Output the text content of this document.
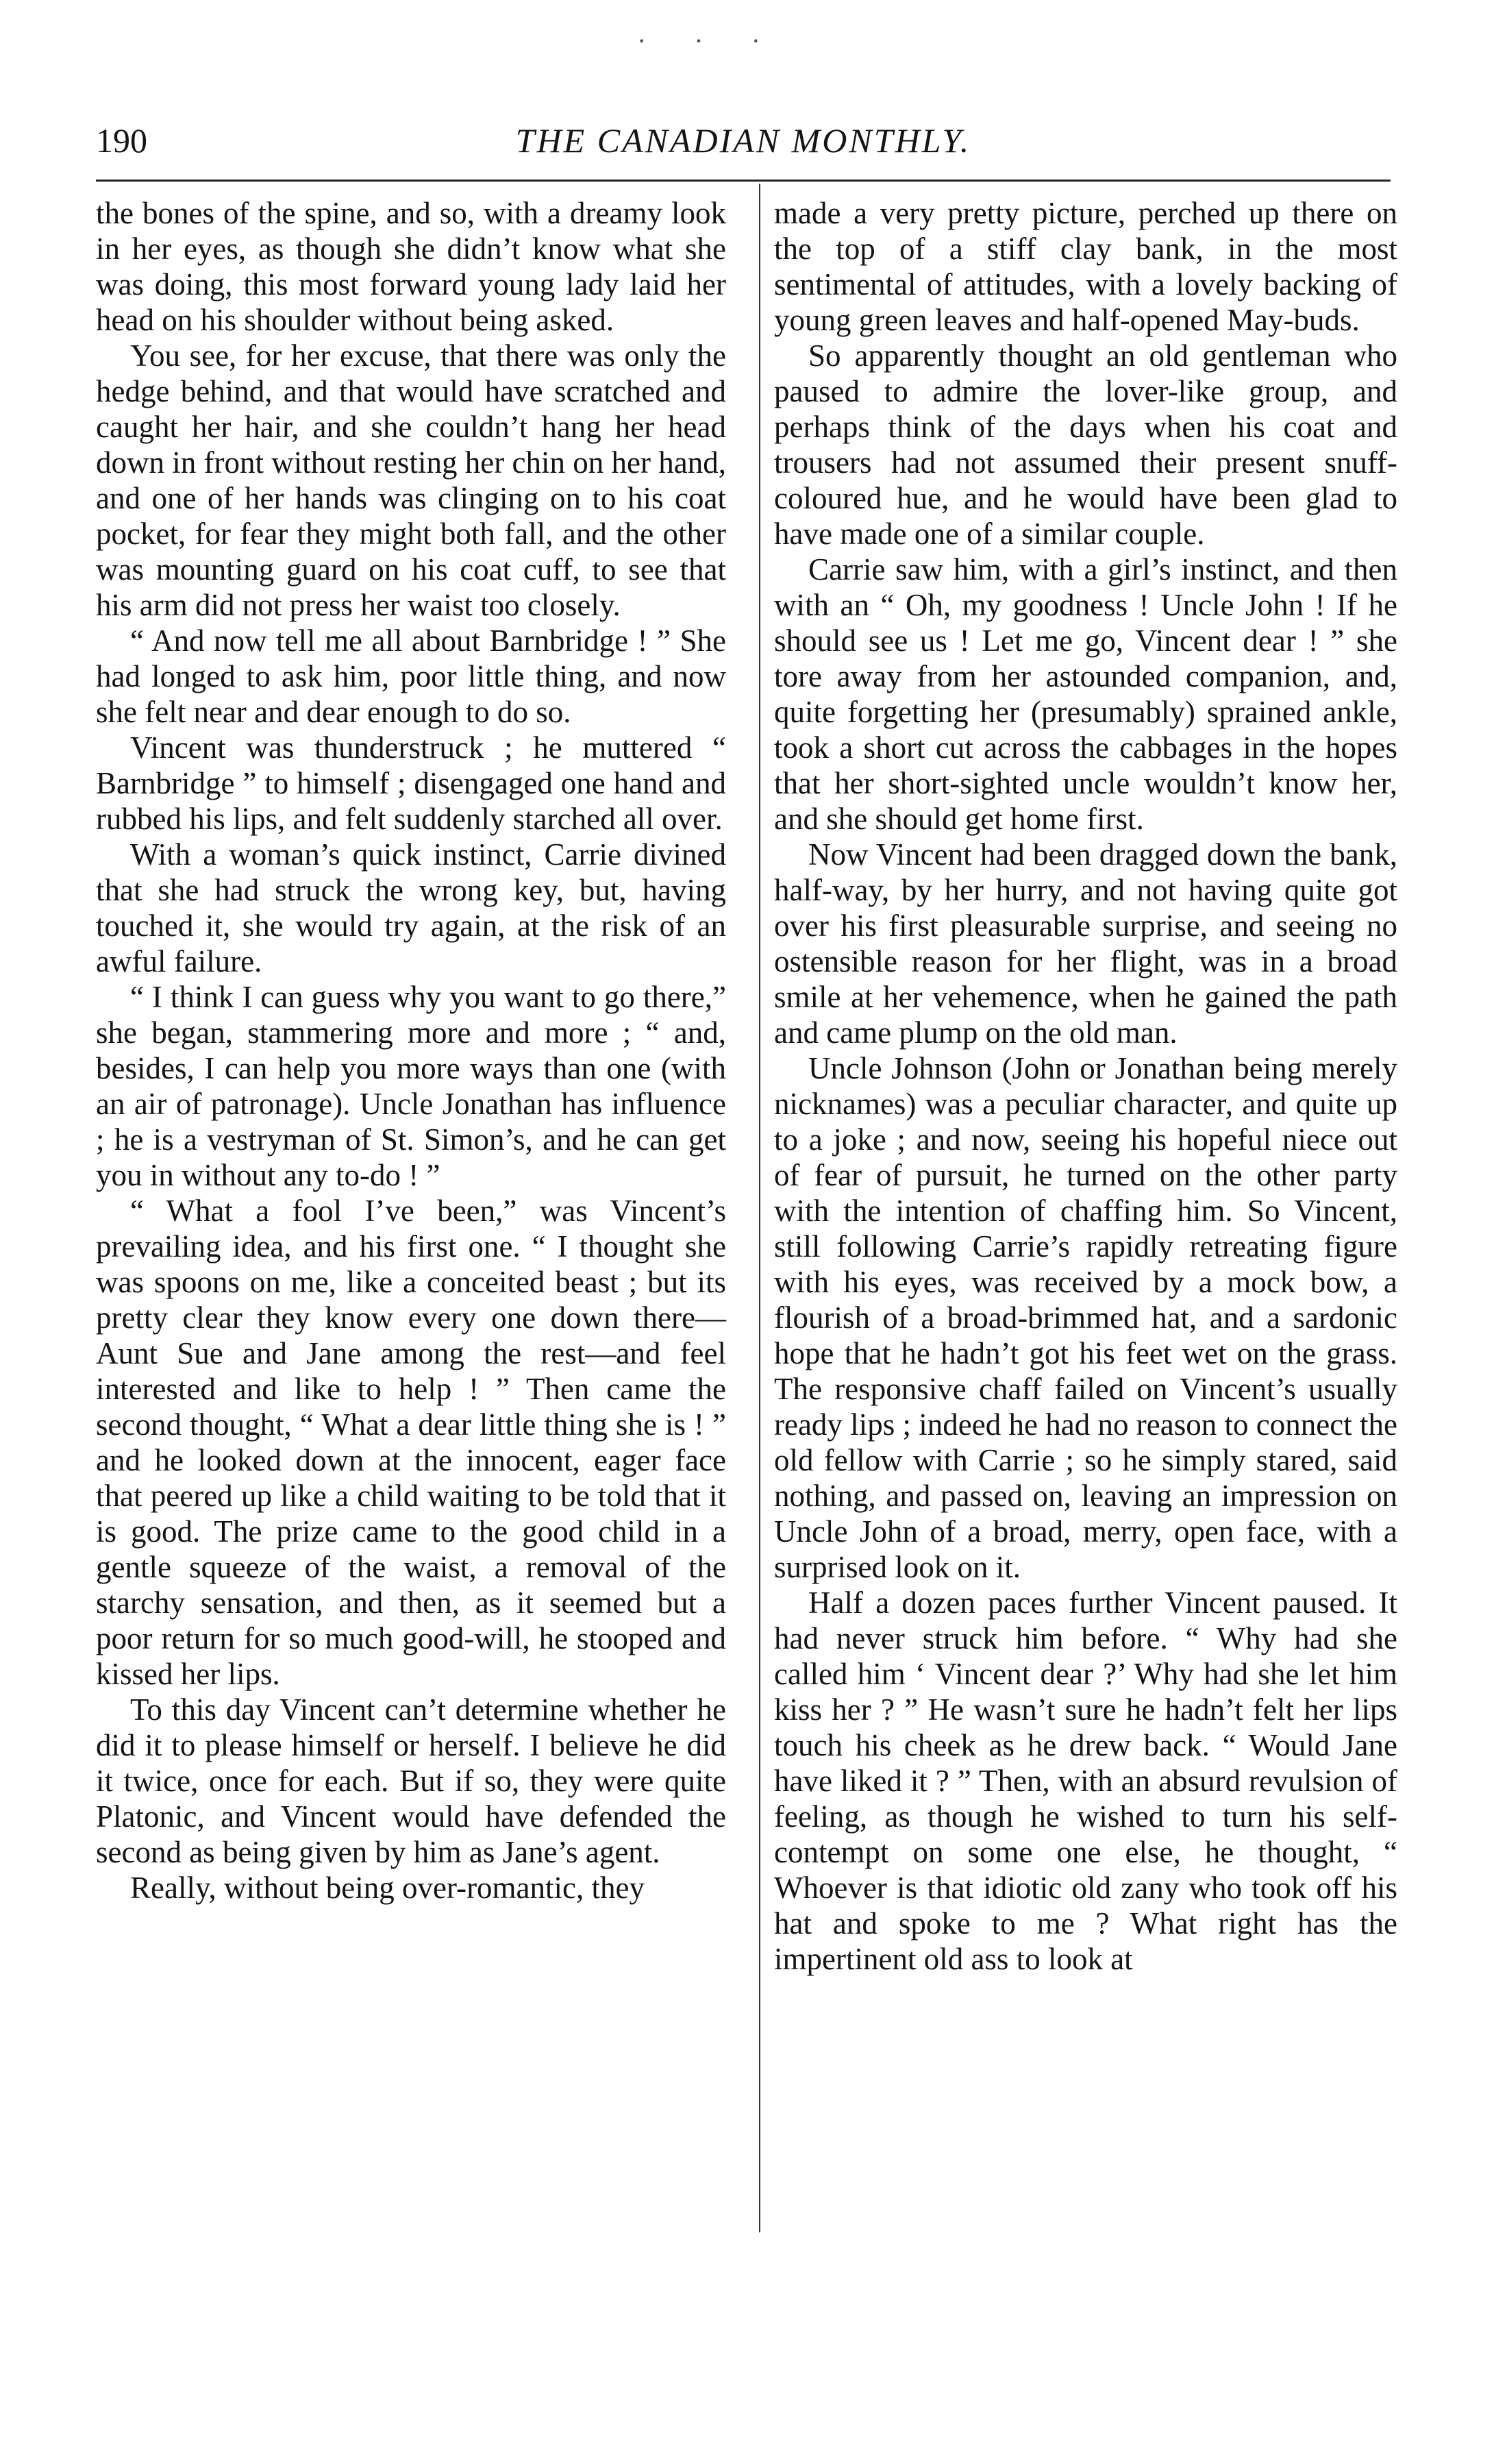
· · ·
190	THE CANADIAN MONTHLY.

the bones of the spine, and so, with a dreamy look in her eyes, as though she didn’t know what she was doing, this most forward young lady laid her head on his shoulder without being asked.

You see, for her excuse, that there was only the hedge behind, and that would have scratched and caught her hair, and she couldn’t hang her head down in front without resting her chin on her hand, and one of her hands was clinging on to his coat pocket, for fear they might both fall, and the other was mounting guard on his coat cuff, to see that his arm did not press her waist too closely.

“ And now tell me all about Barnbridge ! ” She had longed to ask him, poor little thing, and now she felt near and dear enough to do so.

Vincent was thunderstruck ; he muttered “ Barnbridge ” to himself ; disengaged one hand and rubbed his lips, and felt suddenly starched all over.

With a woman’s quick instinct, Carrie divined that she had struck the wrong key, but, having touched it, she would try again, at the risk of an awful failure.

“ I think I can guess why you want to go there,” she began, stammering more and more ; “ and, besides, I can help you more ways than one (with an air of patronage). Uncle Jonathan has influence ; he is a vestryman of St. Simon’s, and he can get you in without any to-do ! ”

“ What a fool I’ve been,” was Vincent’s prevailing idea, and his first one. “ I thought she was spoons on me, like a conceited beast ; but its pretty clear they know every one down there—Aunt Sue and Jane among the rest—and feel interested and like to help ! ” Then came the second thought, “ What a dear little thing she is ! ” and he looked down at the innocent, eager face that peered up like a child waiting to be told that it is good. The prize came to the good child in a gentle squeeze of the waist, a removal of the starchy sensation, and then, as it seemed but a poor return for so much good-will, he stooped and kissed her lips.

To this day Vincent can’t determine whether he did it to please himself or herself. I believe he did it twice, once for each. But if so, they were quite Platonic, and Vincent would have defended the second as being given by him as Jane’s agent.

Really, without being over-romantic, they

made a very pretty picture, perched up there on the top of a stiff clay bank, in the most sentimental of attitudes, with a lovely backing of young green leaves and half-opened May-buds.

So apparently thought an old gentleman who paused to admire the lover-like group, and perhaps think of the days when his coat and trousers had not assumed their present snuff-coloured hue, and he would have been glad to have made one of a similar couple.

Carrie saw him, with a girl’s instinct, and then with an “ Oh, my goodness ! Uncle John ! If he should see us ! Let me go, Vincent dear ! ” she tore away from her astounded companion, and, quite forgetting her (presumably) sprained ankle, took a short cut across the cabbages in the hopes that her short-sighted uncle wouldn’t know her, and she should get home first.

Now Vincent had been dragged down the bank, half-way, by her hurry, and not having quite got over his first pleasurable surprise, and seeing no ostensible reason for her flight, was in a broad smile at her vehemence, when he gained the path and came plump on the old man.

Uncle Johnson (John or Jonathan being merely nicknames) was a peculiar character, and quite up to a joke ; and now, seeing his hopeful niece out of fear of pursuit, he turned on the other party with the intention of chaffing him. So Vincent, still following Carrie’s rapidly retreating figure with his eyes, was received by a mock bow, a flourish of a broad-brimmed hat, and a sardonic hope that he hadn’t got his feet wet on the grass. The responsive chaff failed on Vincent’s usually ready lips ; indeed he had no reason to connect the old fellow with Carrie ; so he simply stared, said nothing, and passed on, leaving an impression on Uncle John of a broad, merry, open face, with a surprised look on it.

Half a dozen paces further Vincent paused. It had never struck him before. “ Why had she called him ‘ Vincent dear ?’ Why had she let him kiss her ? ” He wasn’t sure he hadn’t felt her lips touch his cheek as he drew back. “ Would Jane have liked it ? ” Then, with an absurd revulsion of feeling, as though he wished to turn his self-contempt on some one else, he thought, “ Whoever is that idiotic old zany who took off his hat and spoke to me ? What right has the impertinent old ass to look at
